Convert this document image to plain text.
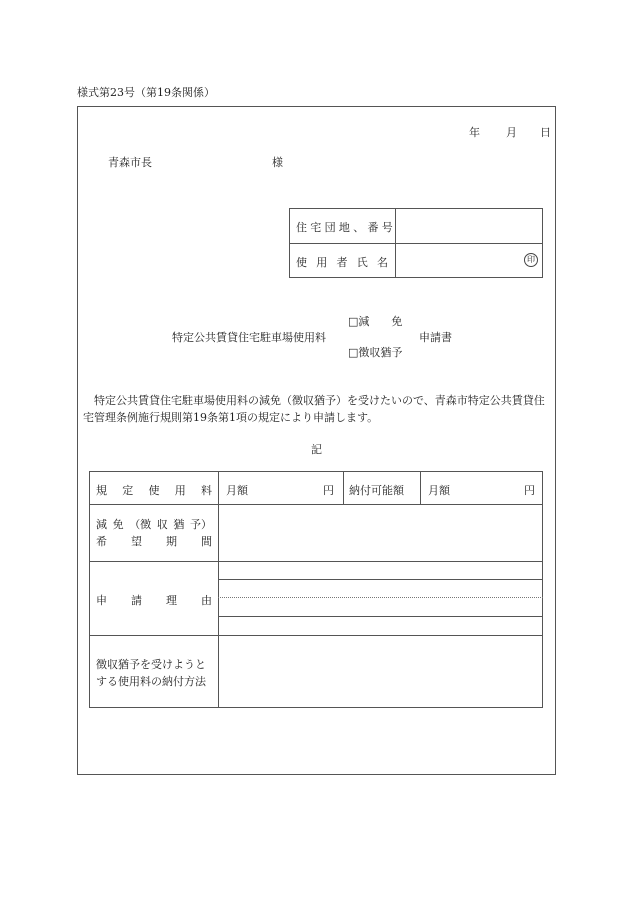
様式第23号（第19条関係）
年 月 日
青森市長	様
住宅団地、番号
使 用 者 氏 名	印
特定公共賃貸住宅駐車場使用料
□減　　免
□徴収猶予
申請書
特定公共賃貸住宅駐車場使用料の減免（徴収猶予）を受けたいので、青森市特定公共賃貸住宅管理条例施行規則第19条第1項の規定により申請します。
記
規 定 使 用 料 月額	円 納付可能額 月額	円
減 免 （徴 収 猶 予）
希 望 期 間
申 請 理 由
徴収猶予を受けようと
する使用料の納付方法
